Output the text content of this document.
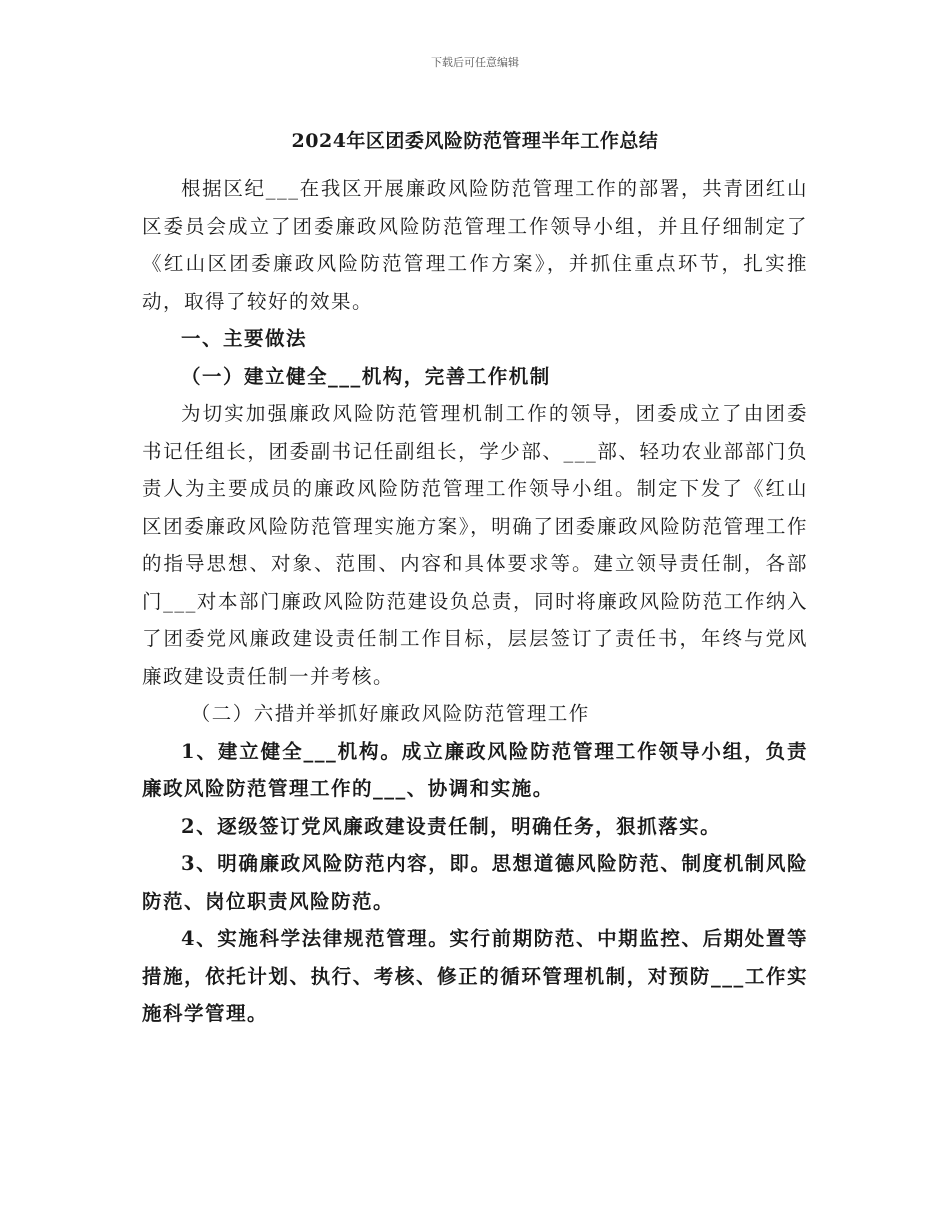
下载后可任意编辑
2024年区团委风险防范管理半年工作总结

根据区纪___在我区开展廉政风险防范管理工作的部署，共青团红山区委员会成立了团委廉政风险防范管理工作领导小组，并且仔细制定了《红山区团委廉政风险防范管理工作方案》，并抓住重点环节，扎实推动，取得了较好的效果。

一、主要做法

（一）建立健全___机构，完善工作机制

为切实加强廉政风险防范管理机制工作的领导，团委成立了由团委书记任组长，团委副书记任副组长，学少部、___部、轻功农业部部门负责人为主要成员的廉政风险防范管理工作领导小组。制定下发了《红山区团委廉政风险防范管理实施方案》，明确了团委廉政风险防范管理工作的指导思想、对象、范围、内容和具体要求等。建立领导责任制，各部门___对本部门廉政风险防范建设负总责，同时将廉政风险防范工作纳入了团委党风廉政建设责任制工作目标，层层签订了责任书，年终与党风廉政建设责任制一并考核。

（二）六措并举抓好廉政风险防范管理工作

1、建立健全___机构。成立廉政风险防范管理工作领导小组，负责廉政风险防范管理工作的___、协调和实施。

2、逐级签订党风廉政建设责任制，明确任务，狠抓落实。

3、明确廉政风险防范内容，即。思想道德风险防范、制度机制风险防范、岗位职责风险防范。

4、实施科学法律规范管理。实行前期防范、中期监控、后期处置等措施，依托计划、执行、考核、修正的循环管理机制，对预防___工作实施科学管理。
